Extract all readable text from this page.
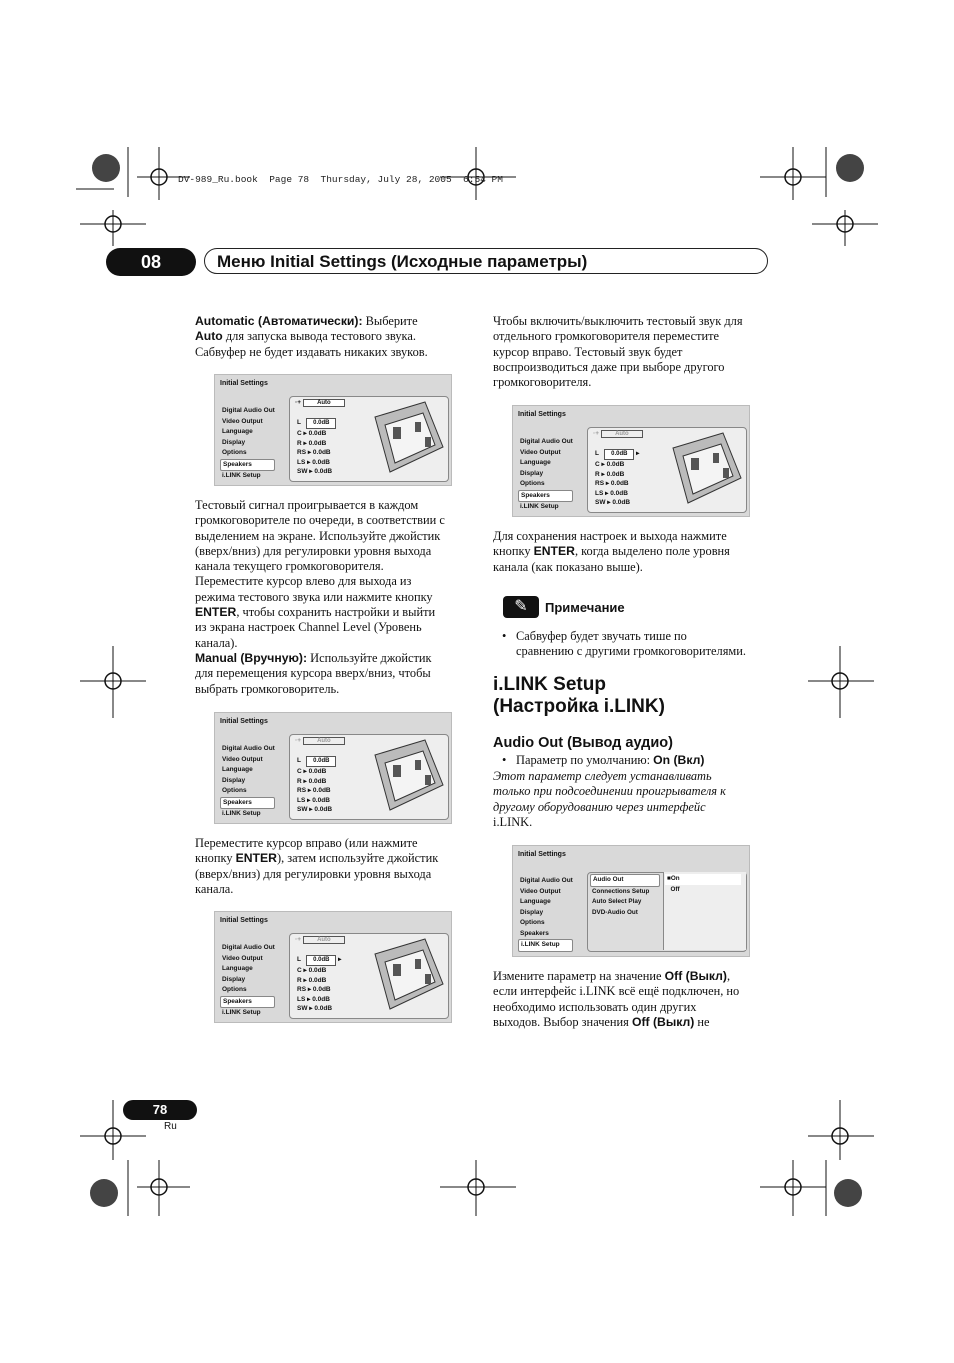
DV-989_Ru.book  Page 78  Thursday, July 28, 2005  6:54 PM
08	Меню Initial Settings (Исходные параметры)
Automatic (Автоматически): Выберите
Auto для запуска вывода тестового звука.
Сабвуфер не будет издавать никаких звуков.
Initial Settings
Digital Audio Out
Video Output
Language
Display
Options
Speakers
i.LINK Setup
◦+ Auto
L 0.0dB
C ▸ 0.0dB
R ▸ 0.0dB
RS ▸ 0.0dB
LS ▸ 0.0dB
SW ▸ 0.0dB
Тестовый сигнал проигрывается в каждом
громкоговорителе по очереди, в соответствии с
выделением на экране. Используйте джойстик
(вверх/вниз) для регулировки уровня выхода
канала текущего громкоговорителя.
Переместите курсор влево для выхода из
режима тестового звука или нажмите кнопку
ENTER, чтобы сохранить настройки и выйти
из экрана настроек Channel Level (Уровень
канала).
Manual (Вручную): Используйте джойстик
для перемещения курсора вверх/вниз, чтобы
выбрать громкоговоритель.
Initial Settings
Digital Audio Out
Video Output
Language
Display
Options
Speakers
i.LINK Setup
◦+ Auto
L 0.0dB
C ▸ 0.0dB
R ▸ 0.0dB
RS ▸ 0.0dB
LS ▸ 0.0dB
SW ▸ 0.0dB
Переместите курсор вправо (или нажмите
кнопку ENTER), затем используйте джойстик
(вверх/вниз) для регулировки уровня выхода
канала.
Initial Settings
Digital Audio Out
Video Output
Language
Display
Options
Speakers
i.LINK Setup
◦+ Auto
L 0.0dB ▸
C ▸ 0.0dB
R ▸ 0.0dB
RS ▸ 0.0dB
LS ▸ 0.0dB
SW ▸ 0.0dB
Чтобы включить/выключить тестовый звук для
отдельного громкоговорителя переместите
курсор вправо. Тестовый звук будет
воспроизводиться даже при выборе другого
громкоговорителя.
Initial Settings
Digital Audio Out
Video Output
Language
Display
Options
Speakers
i.LINK Setup
◦+ Auto
L 0.0dB ▸
C ▸ 0.0dB
R ▸ 0.0dB
RS ▸ 0.0dB
LS ▸ 0.0dB
SW ▸ 0.0dB
Для сохранения настроек и выхода нажмите
кнопку ENTER, когда выделено поле уровня
канала (как показано выше).
✎	Примечание
• Сабвуфер будет звучать тише по
сравнению с другими громкоговорителями.
i.LINK Setup
(Настройка i.LINK)
Audio Out (Вывод аудио)
• Параметр по умолчанию: On (Вкл)
Этот параметр следует устанавливать
только при подсоединении проигрывателя к
другому оборудованию через интерфейс
i.LINK.
Initial Settings
Digital Audio Out
Video Output
Language
Display
Options
Speakers
i.LINK Setup
Audio Out
Connections Setup
Auto Select Play
DVD-Audio Out
■On
Off
Измените параметр на значение Off (Выкл),
если интерфейс i.LINK всё ещё подключен, но
необходимо использовать один других
выходов. Выбор значения Off (Выкл) не
78
Ru
